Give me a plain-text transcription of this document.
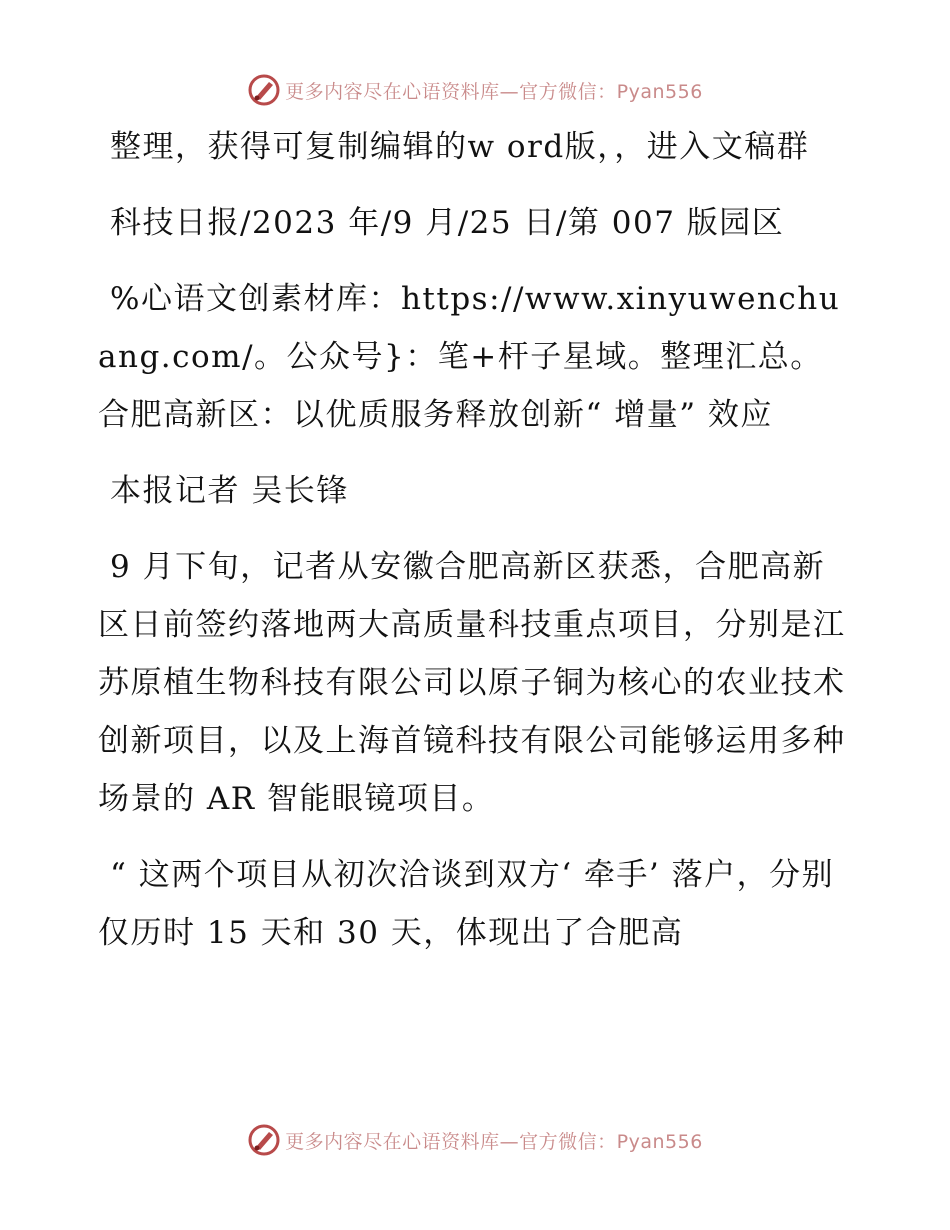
更多内容尽在心语资料库—官方微信：Pyan556

整理，获得可复制编辑的w ord版，，进入文稿群

科技日报/2023 年/9 月/25 日/第 007 版园区

%心语文创素材库：https://www.xinyuwenchuang.com/。公众号}：笔+杆子星域。整理汇总。合肥高新区：以优质服务释放创新“ 增量” 效应

本报记者 吴长锋

9 月下旬，记者从安徽合肥高新区获悉，合肥高新区日前签约落地两大高质量科技重点项目，分别是江苏原植生物科技有限公司以原子铜为核心的农业技术创新项目，以及上海首镜科技有限公司能够运用多种场景的 AR 智能眼镜项目。

“ 这两个项目从初次洽谈到双方‘ 牵手’ 落户，分别仅历时 15 天和 30 天，体现出了合肥高

更多内容尽在心语资料库—官方微信：Pyan556
